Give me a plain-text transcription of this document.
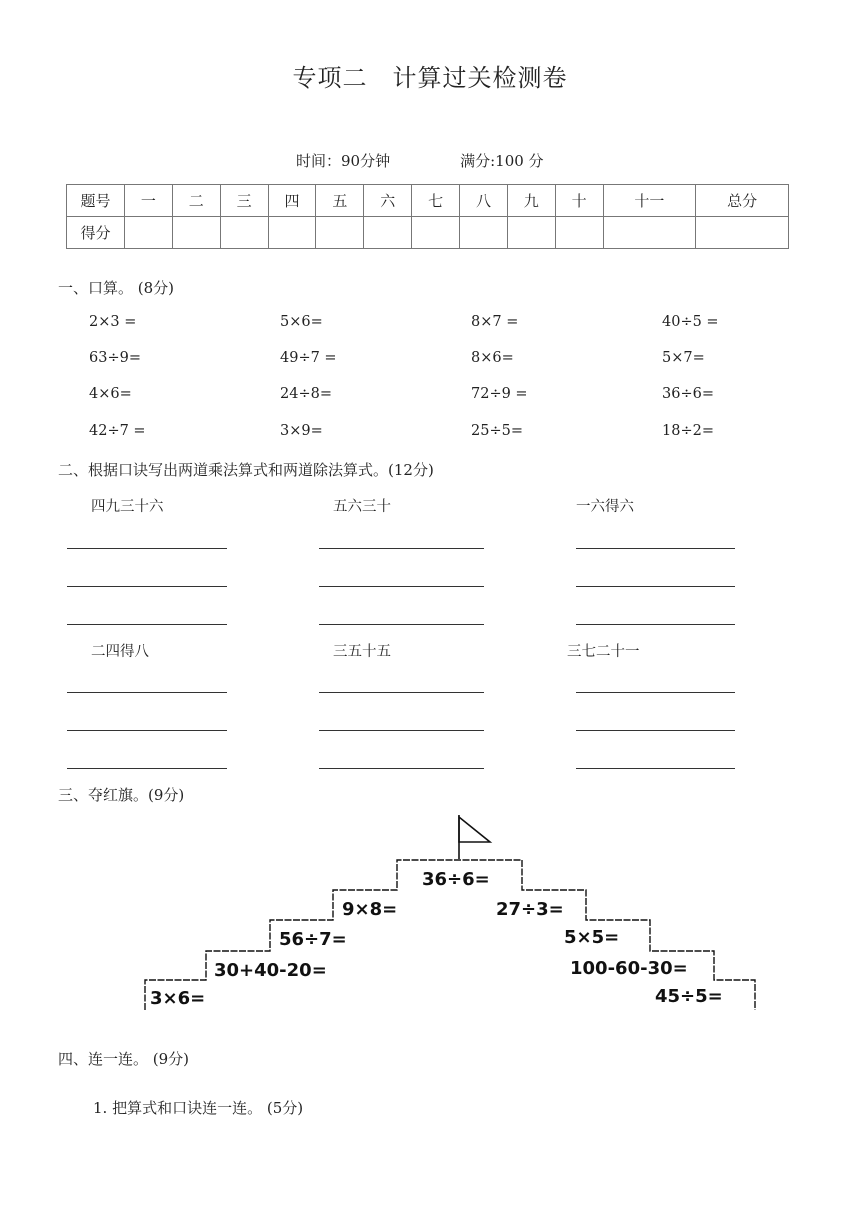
专项二　计算过关检测卷
时间：90分钟	满分:100 分
题号	一	二	三	四	五	六	七	八	九	十	十一	总分
得分												
一、口算。 (8分)
2×3 =	5×6=	8×7 =	40÷5 =
63÷9=	49÷7 =	8×6=	5×7=
4×6=	24÷8=	72÷9 =	36÷6=
42÷7 =	3×9=	25÷5=	18÷2=
二、根据口诀写出两道乘法算式和两道除法算式。(12分)
四九三十六	五六三十	一六得六
二四得八	三五十五	三七二十一
三、夺红旗。(9分)
36÷6=
9×8=	27÷3=
56÷7=	5×5=
30+40-20=	100-60-30=
3×6=	45÷5=
四、连一连。 (9分)
1. 把算式和口诀连一连。 (5分)
